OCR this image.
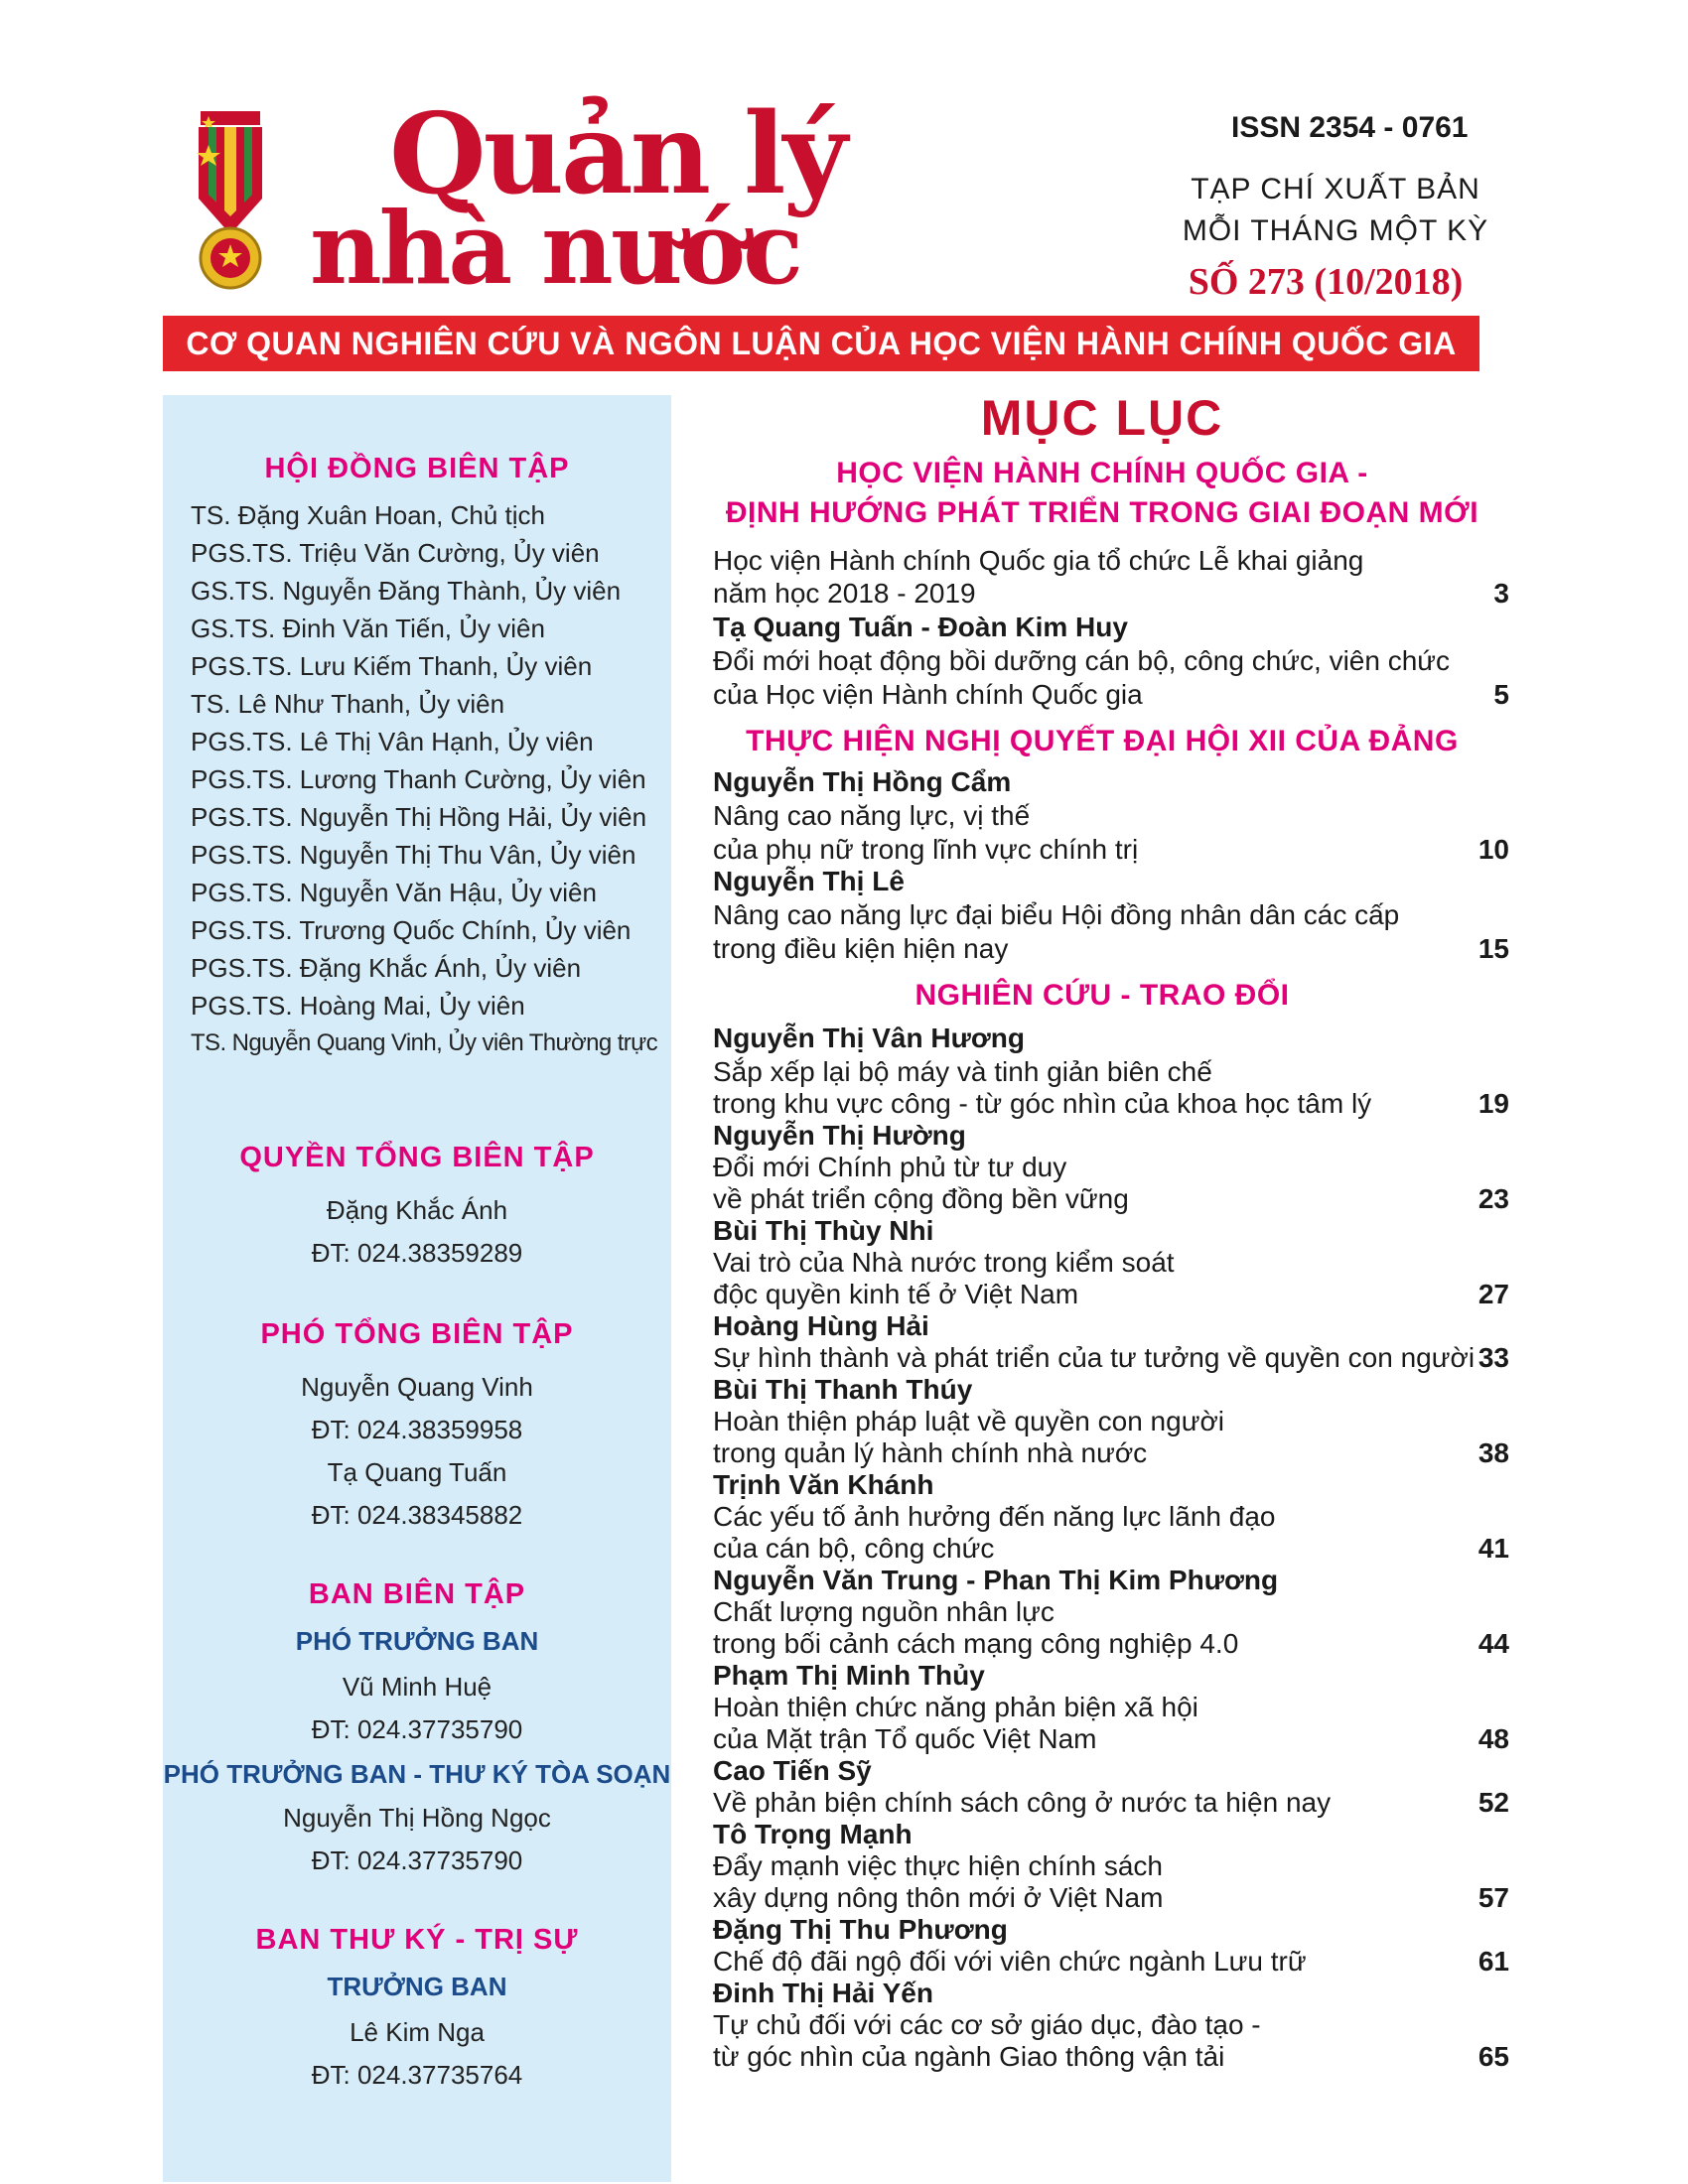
Quản lý
nhà nước
ISSN 2354 - 0761
TẠP CHÍ XUẤT BẢN
MỖI THÁNG MỘT KỲ
SỐ 273 (10/2018)
CƠ QUAN NGHIÊN CỨU VÀ NGÔN LUẬN CỦA HỌC VIỆN HÀNH CHÍNH QUỐC GIA
HỘI ĐỒNG BIÊN TẬP
TS. Đặng Xuân Hoan, Chủ tịch
PGS.TS. Triệu Văn Cường, Ủy viên
GS.TS. Nguyễn Đăng Thành, Ủy viên
GS.TS. Đinh Văn Tiến, Ủy viên
PGS.TS. Lưu Kiếm Thanh, Ủy viên
TS. Lê Như Thanh, Ủy viên
PGS.TS. Lê Thị Vân Hạnh, Ủy viên
PGS.TS. Lương Thanh Cường, Ủy viên
PGS.TS. Nguyễn Thị Hồng Hải, Ủy viên
PGS.TS. Nguyễn Thị Thu Vân, Ủy viên
PGS.TS. Nguyễn Văn Hậu, Ủy viên
PGS.TS. Trương Quốc Chính, Ủy viên
PGS.TS. Đặng Khắc Ánh, Ủy viên
PGS.TS. Hoàng Mai, Ủy viên
TS. Nguyễn Quang Vinh, Ủy viên Thường trực
QUYỀN TỔNG BIÊN TẬP
Đặng Khắc Ánh
ĐT: 024.38359289
PHÓ TỔNG BIÊN TẬP
Nguyễn Quang Vinh
ĐT: 024.38359958
Tạ Quang Tuấn
ĐT: 024.38345882
BAN BIÊN TẬP
PHÓ TRƯỞNG BAN
Vũ Minh Huệ
ĐT: 024.37735790
PHÓ TRƯỞNG BAN - THƯ KÝ TÒA SOẠN
Nguyễn Thị Hồng Ngọc
ĐT: 024.37735790
BAN THƯ KÝ - TRỊ SỰ
TRƯỞNG BAN
Lê Kim Nga
ĐT: 024.37735764
MỤC LỤC
HỌC VIỆN HÀNH CHÍNH QUỐC GIA -
ĐỊNH HƯỚNG PHÁT TRIỂN TRONG GIAI ĐOẠN MỚI
Học viện Hành chính Quốc gia tổ chức Lễ khai giảng
năm học 2018 - 2019	3
Tạ Quang Tuấn - Đoàn Kim Huy
Đổi mới hoạt động bồi dưỡng cán bộ, công chức, viên chức
của Học viện Hành chính Quốc gia	5
THỰC HIỆN NGHỊ QUYẾT ĐẠI HỘI XII CỦA ĐẢNG
Nguyễn Thị Hồng Cẩm
Nâng cao năng lực, vị thế
của phụ nữ trong lĩnh vực chính trị	10
Nguyễn Thị Lê
Nâng cao năng lực đại biểu Hội đồng nhân dân các cấp
trong điều kiện hiện nay	15
NGHIÊN CỨU - TRAO ĐỔI
Nguyễn Thị Vân Hương
Sắp xếp lại bộ máy và tinh giản biên chế
trong khu vực công - từ góc nhìn của khoa học tâm lý	19
Nguyễn Thị Hường
Đổi mới Chính phủ từ tư duy
về phát triển cộng đồng bền vững	23
Bùi Thị Thùy Nhi
Vai trò của Nhà nước trong kiểm soát
độc quyền kinh tế ở Việt Nam	27
Hoàng Hùng Hải
Sự hình thành và phát triển của tư tưởng về quyền con người 33
Bùi Thị Thanh Thúy
Hoàn thiện pháp luật về quyền con người
trong quản lý hành chính nhà nước	38
Trịnh Văn Khánh
Các yếu tố ảnh hưởng đến năng lực lãnh đạo
của cán bộ, công chức	41
Nguyễn Văn Trung - Phan Thị Kim Phương
Chất lượng nguồn nhân lực
trong bối cảnh cách mạng công nghiệp 4.0	44
Phạm Thị Minh Thủy
Hoàn thiện chức năng phản biện xã hội
của Mặt trận Tổ quốc Việt Nam	48
Cao Tiến Sỹ
Về phản biện chính sách công ở nước ta hiện nay	52
Tô Trọng Mạnh
Đẩy mạnh việc thực hiện chính sách
xây dựng nông thôn mới ở Việt Nam	57
Đặng Thị Thu Phương
Chế độ đãi ngộ đối với viên chức ngành Lưu trữ	61
Đinh Thị Hải Yến
Tự chủ đối với các cơ sở giáo dục, đào tạo -
từ góc nhìn của ngành Giao thông vận tải	65
